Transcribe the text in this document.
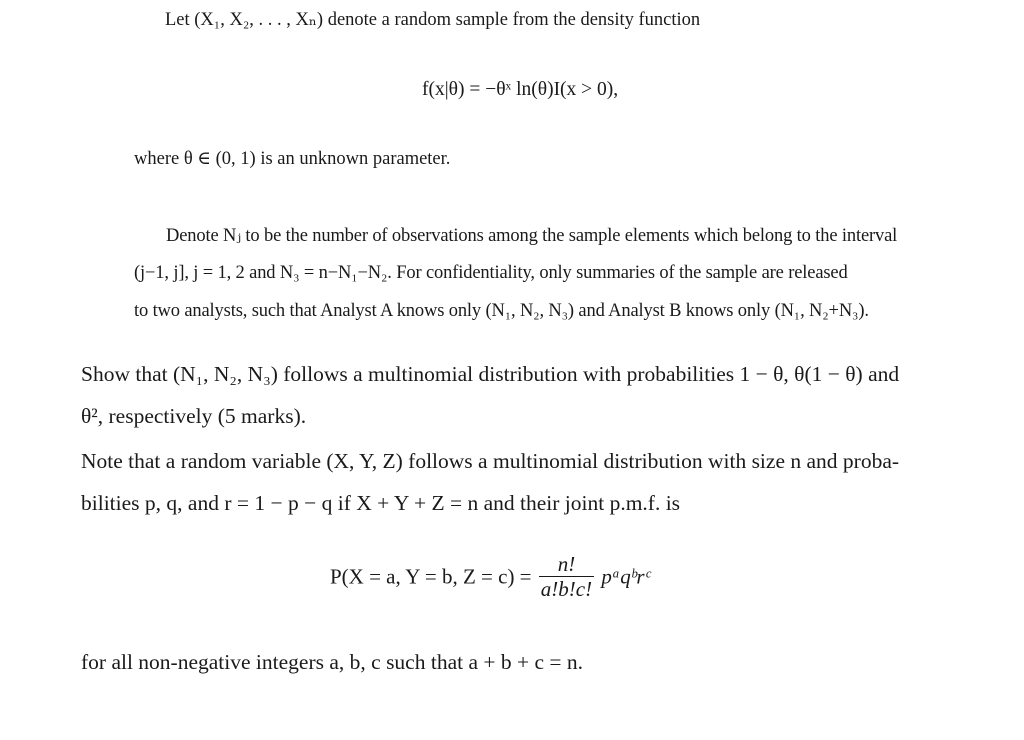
Let (X₁, X₂, . . . , Xₙ) denote a random sample from the density function
f(x|θ) = −θˣ ln(θ)I(x > 0),
where θ ∈ (0, 1) is an unknown parameter.
Denote Nⱼ to be the number of observations among the sample elements which belong to the interval
(j−1, j], j = 1, 2 and N₃ = n−N₁−N₂. For confidentiality, only summaries of the sample are released
to two analysts, such that Analyst A knows only (N₁, N₂, N₃) and Analyst B knows only (N₁, N₂+N₃).
Show that (N₁, N₂, N₃) follows a multinomial distribution with probabilities 1 − θ, θ(1 − θ) and
θ², respectively (5 marks).
Note that a random variable (X, Y, Z) follows a multinomial distribution with size n and proba-
bilities p, q, and r = 1 − p − q if X + Y + Z = n and their joint p.m.f. is
P(X = a, Y = b, $Z = c) = \frac{n!}{a!b!c!}$ pᵃqᵇrᶜ
for all non-negative integers a, b, c such that a + b + c = n.
